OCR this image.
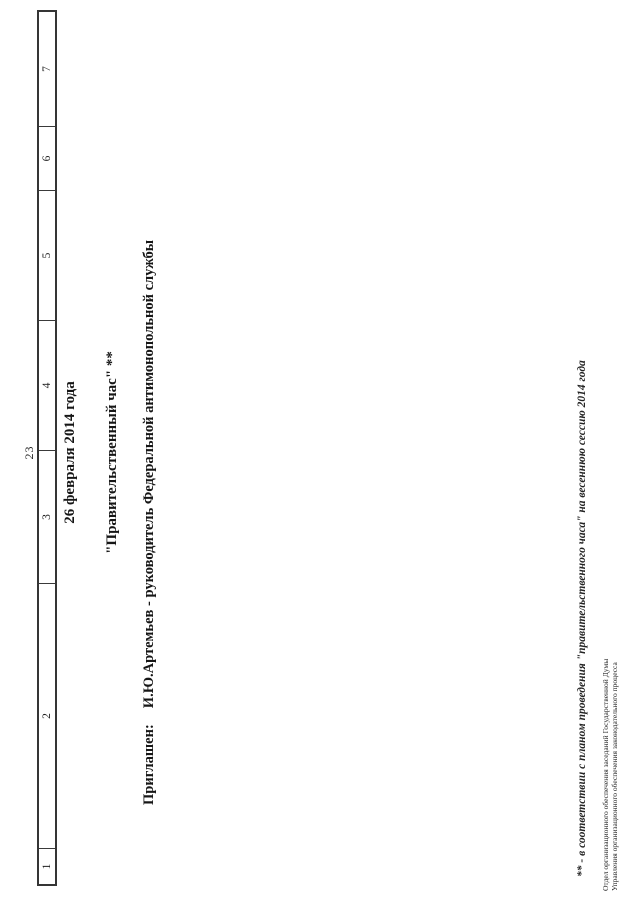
23
1
2
3
4
5
6
7
26 февраля 2014 года "Правительственный час" **
Приглашен:И.Ю.Артемьев - руководитель Федеральной антимонопольной службы	** - в соответствии с планом проведения "правительственного часа" на весеннюю сессию 2014 года Отдел организационного обеспечения заседаний Государственной Думы Управления организационного обеспечения законодательного процесса
